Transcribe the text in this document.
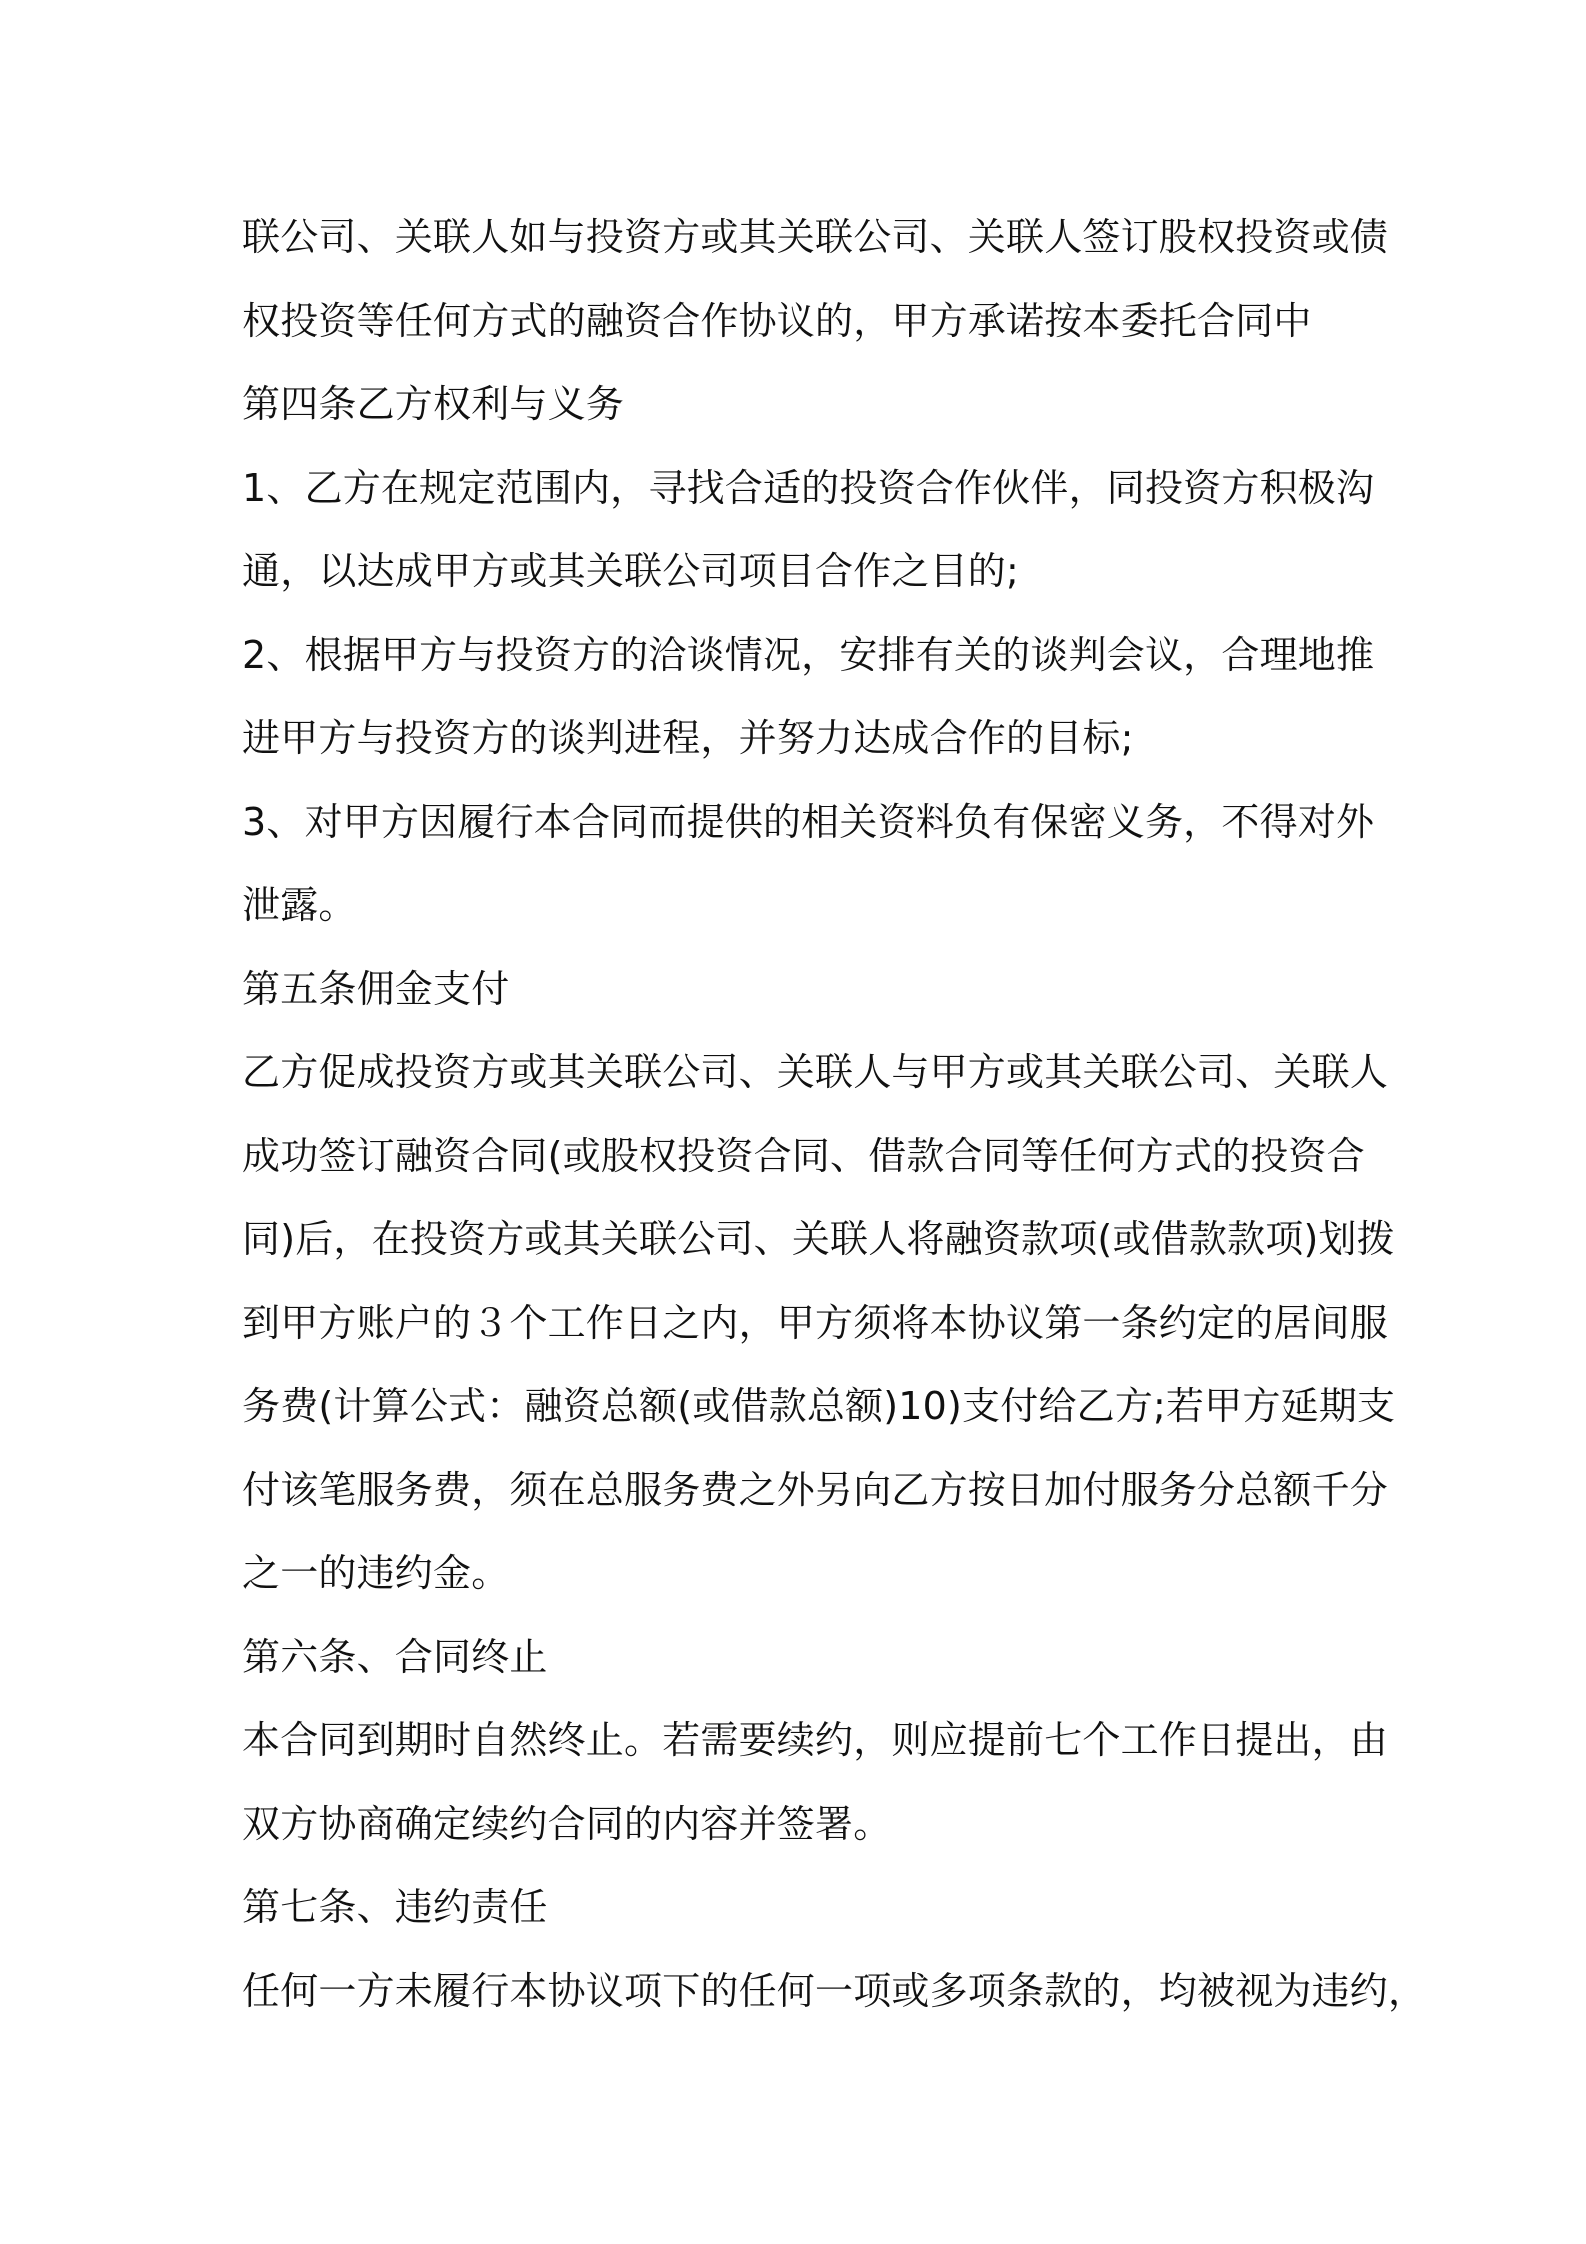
联公司、关联人如与投资方或其关联公司、关联人签订股权投资或债
权投资等任何方式的融资合作协议的，甲方承诺按本委托合同中
第四条乙方权利与义务
1、乙方在规定范围内，寻找合适的投资合作伙伴，同投资方积极沟
通，以达成甲方或其关联公司项目合作之目的;
2、根据甲方与投资方的洽谈情况，安排有关的谈判会议，合理地推
进甲方与投资方的谈判进程，并努力达成合作的目标;
3、对甲方因履行本合同而提供的相关资料负有保密义务，不得对外
泄露。
第五条佣金支付
乙方促成投资方或其关联公司、关联人与甲方或其关联公司、关联人
成功签订融资合同(或股权投资合同、借款合同等任何方式的投资合
同)后，在投资方或其关联公司、关联人将融资款项(或借款款项)划拨
到甲方账户的３个工作日之内，甲方须将本协议第一条约定的居间服
务费(计算公式：融资总额(或借款总额)10)支付给乙方;若甲方延期支
付该笔服务费，须在总服务费之外另向乙方按日加付服务分总额千分
之一的违约金。
第六条、合同终止
本合同到期时自然终止。若需要续约，则应提前七个工作日提出，由
双方协商确定续约合同的内容并签署。
第七条、违约责任
任何一方未履行本协议项下的任何一项或多项条款的，均被视为违约，
